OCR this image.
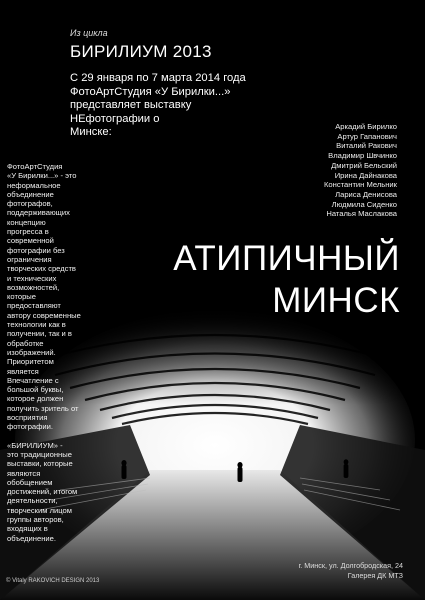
Из цикла
БИРИЛИУМ 2013
С 29 января по 7 марта 2014 года
ФотоАртСтудия «У Бирилки...»
представляет выставку
НЕфотографии о
Минске:	Аркадий Бирилко
Артур Гапанович
Виталий Ракович
Владимир Швчинко
Дмитрий Бельский
Ирина Дайнакова
Константин Мельник
Лариса Денисова
Людмила Сиденко
Наталья Маслакова
ФотоАртСтудия
«У Бирилки...» - это
неформальное
объединение
фотографов,
поддерживающих
концепцию
прогресса в
современной
фотографии без
ограничения
творческих средств
и технических
возможностей,
которые
предоставляют
автору современные
технологии как в
получении, так и в
обработке
изображений.
Приоритетом
является
Впечатление с
большой буквы,
которое должен
получить зритель от
восприятия
фотографии.
«БИРИЛИУМ» -
это традиционные
выставки, которые
являются
обобщением
достижений, итогом
деятельности,
творческим лицом
группы авторов,
входящих в
объединение.
АТИПИЧНЫЙ
МИНСК
г. Минск, ул. Долгобродская, 24
Галерея ДК МТЗ
© Vitaly RAKOVICH DESIGN 2013
